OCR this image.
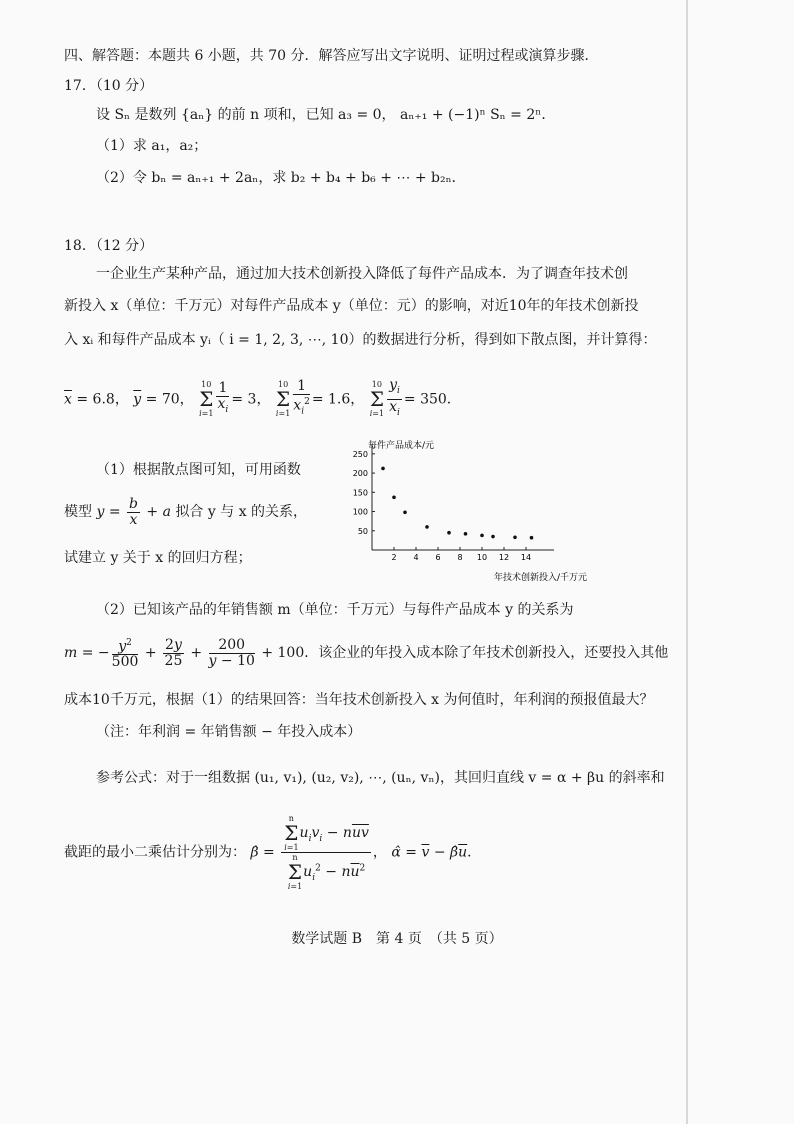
四、解答题：本题共 6 小题，共 70 分．解答应写出文字说明、证明过程或演算步骤．
17．（10 分）
设 Sₙ 是数列 {aₙ} 的前 n 项和，已知 a₃ = 0， aₙ₊₁ + (−1)ⁿ Sₙ = 2ⁿ．
（1）求 a₁，a₂；
（2）令 bₙ = aₙ₊₁ + 2aₙ，求 b₂ + b₄ + b₆ + ⋯ + b₂ₙ．
18．（12 分）
一企业生产某种产品，通过加大技术创新投入降低了每件产品成本．为了调查年技术创
新投入 x（单位：千万元）对每件产品成本 y（单位：元）的影响，对近10年的年技术创新投
入 xᵢ 和每件产品成本 yᵢ（ i = 1, 2, 3, ⋯, 10）的数据进行分析，得到如下散点图，并计算得：
$\overline{x} = 6.8$， $\overline{y} = 70$， 10
Σ
$i=1 \frac{1}{x_i} = 3$， 10
Σ
$i=1 \frac{1}{x_i^2} = 1.6$， 10
Σ
$i=1 \frac{y_i}{x_i} = 350$．
（1）根据散点图可知，可用函数
模型 $y = \frac{b}{x} + a$ 拟合 y 与 x 的关系，
试建立 y 关于 x 的回归方程；	2 4 6 8 10 12 14
50
100
150
200
250
每件产品成本/元
年技术创新投入/千万元
（2）已知该产品的年销售额 m（单位：千万元）与每件产品成本 y 的关系为
m = − $\frac{y^2}{500} + \frac{2y}{25} + \frac{200}{y - 10} + 100$．该企业的年投入成本除了年技术创新投入，还要投入其他
成本10千万元，根据（1）的结果回答：当年技术创新投入 x 为何值时，年利润的预报值最大？
（注：年利润 = 年销售额 − 年投入成本）
参考公式：对于一组数据 (u₁, v₁), (u₂, v₂), ⋯, (uₙ, vₙ)，其回归直线 v = α + βu 的斜率和
截距的最小二乘估计分别为： β̂ = n
Σ
$i=1u_iv_i - n\overline{u}\overline{v}$
n
Σ
$i=1u_i^2 - n\overline{u}^2$ ， α̂ = $\overline{v}$ − $\betâ\overline{u}$．
数学试题 B　第 4 页　（共 5 页）
